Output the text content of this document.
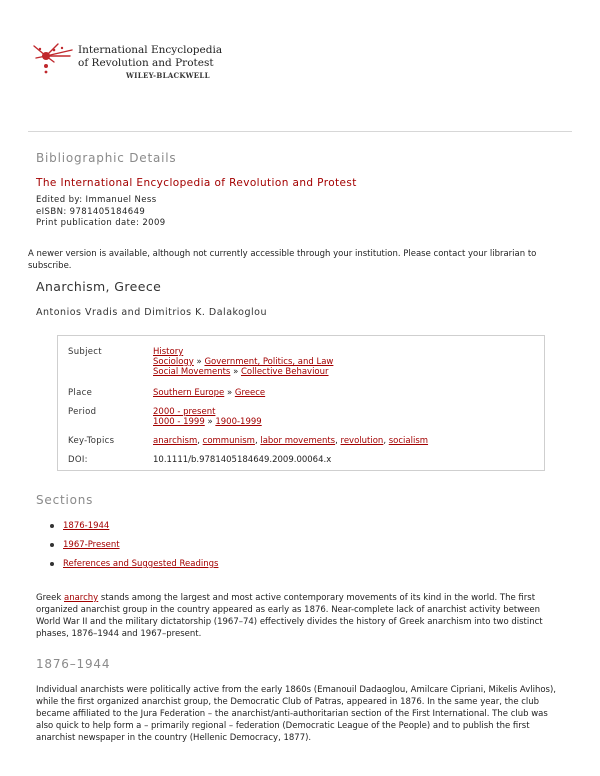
International Encyclopedia
of Revolution and Protest
WILEY-BLACKWELL
Bibliographic Details
The International Encyclopedia of Revolution and Protest
Edited by: Immanuel Ness
eISBN: 9781405184649
Print publication date: 2009
A newer version is available, although not currently accessible through your institution. Please contact your librarian to subscribe.
Anarchism, Greece
Antonios Vradis and Dimitrios K. Dalakoglou
Subject	History
Sociology » Government, Politics, and Law
Social Movements » Collective Behaviour
Place	Southern Europe » Greece
Period	2000 - present
1000 - 1999 » 1900-1999
Key-Topics	anarchism, communism, labor movements, revolution, socialism
DOI:	10.1111/b.9781405184649.2009.00064.x
Sections
1876-1944
1967-Present
References and Suggested Readings

Greek anarchy stands among the largest and most active contemporary movements of its kind in the world. The first organized anarchist group in the country appeared as early as 1876. Near-complete lack of anarchist activity between World War II and the military dictatorship (1967–74) effectively divides the history of Greek anarchism into two distinct phases, 1876–1944 and 1967–present.

1876–1944

Individual anarchists were politically active from the early 1860s (Emanouil Dadaoglou, Amilcare Cipriani, Mikelis Avlihos), while the first organized anarchist group, the Democratic Club of Patras, appeared in 1876. In the same year, the club became affiliated to the Jura Federation – the anarchist/anti-authoritarian section of the First International. The club was also quick to help form a – primarily regional – federation (Democratic League of the People) and to publish the first anarchist newspaper in the country (Hellenic Democracy, 1877).
